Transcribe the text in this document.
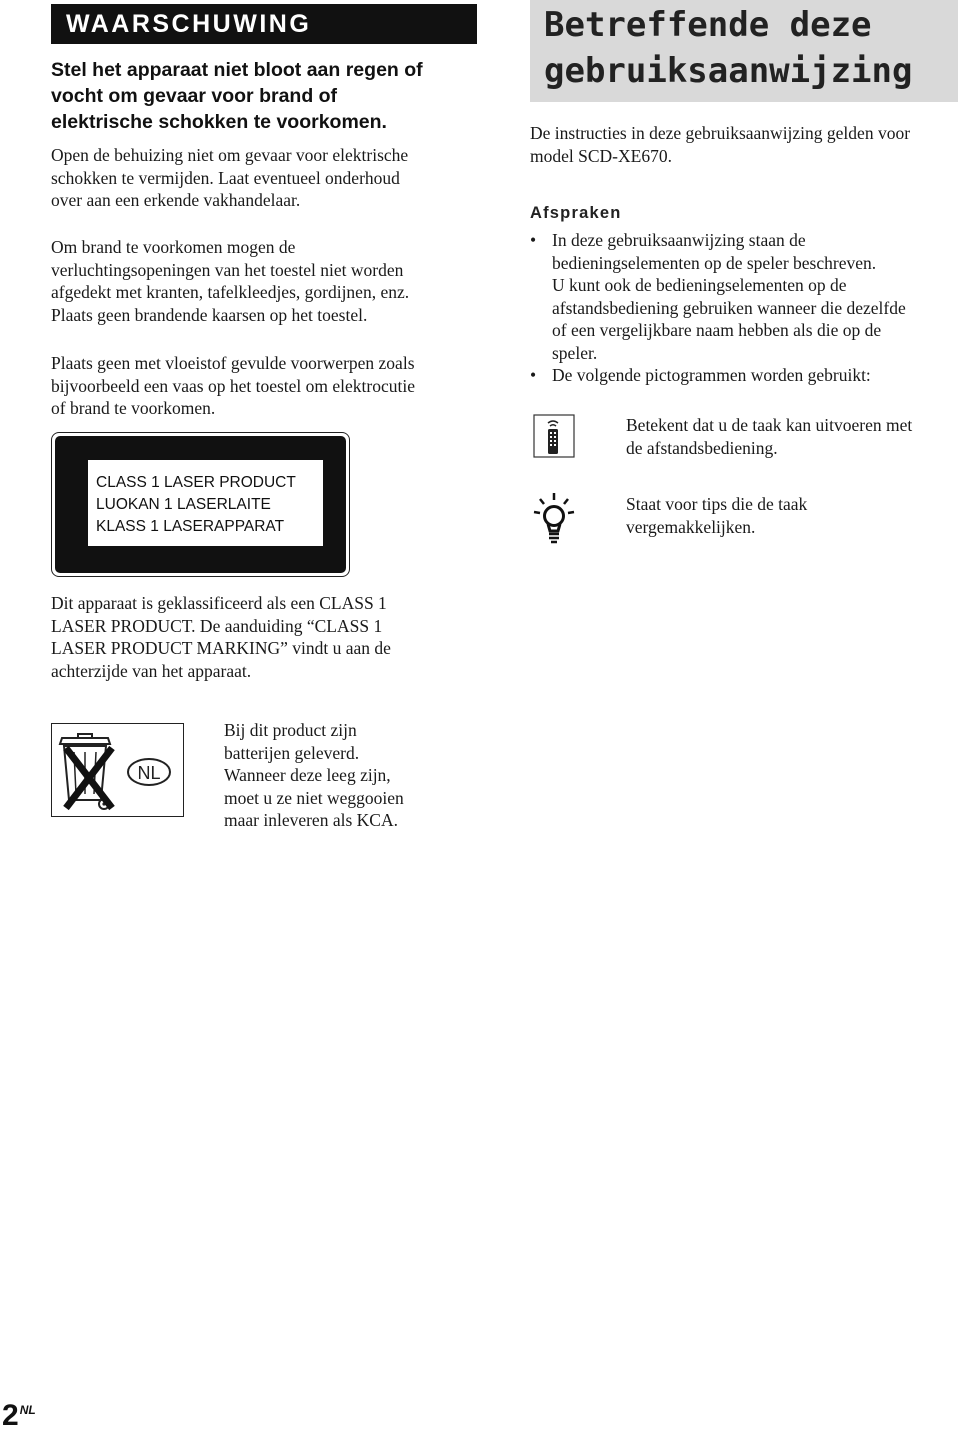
WAARSCHUWING
Stel het apparaat niet bloot aan regen of
vocht om gevaar voor brand of
elektrische schokken te voorkomen.
Open de behuizing niet om gevaar voor elektrische
schokken te vermijden. Laat eventueel onderhoud
over aan een erkende vakhandelaar.
Om brand te voorkomen mogen de
verluchtingsopeningen van het toestel niet worden
afgedekt met kranten, tafelkleedjes, gordijnen, enz.
Plaats geen brandende kaarsen op het toestel.
Plaats geen met vloeistof gevulde voorwerpen zoals
bijvoorbeeld een vaas op het toestel om elektrocutie
of brand te voorkomen.
CLASS 1 LASER PRODUCT
LUOKAN 1 LASERLAITE
KLASS 1 LASERAPPARAT
Dit apparaat is geklassificeerd als een CLASS 1
LASER PRODUCT. De aanduiding “CLASS 1
LASER PRODUCT MARKING” vindt u aan de
achterzijde van het apparaat.
NL
Bij dit product zijn
batterijen geleverd.
Wanneer deze leeg zijn,
moet u ze niet weggooien
maar inleveren als KCA.
Betreffende deze
gebruiksaanwijzing
De instructies in deze gebruiksaanwijzing gelden voor
model SCD-XE670.
Afspraken
• In deze gebruiksaanwijzing staan de
bedieningselementen op de speler beschreven.
U kunt ook de bedieningselementen op de
afstandsbediening gebruiken wanneer die dezelfde
of een vergelijkbare naam hebben als die op de
speler.
• De volgende pictogrammen worden gebruikt:
Betekent dat u de taak kan uitvoeren met
de afstandsbediening.
Staat voor tips die de taak
vergemakkelijken.
$2^{NL}$
